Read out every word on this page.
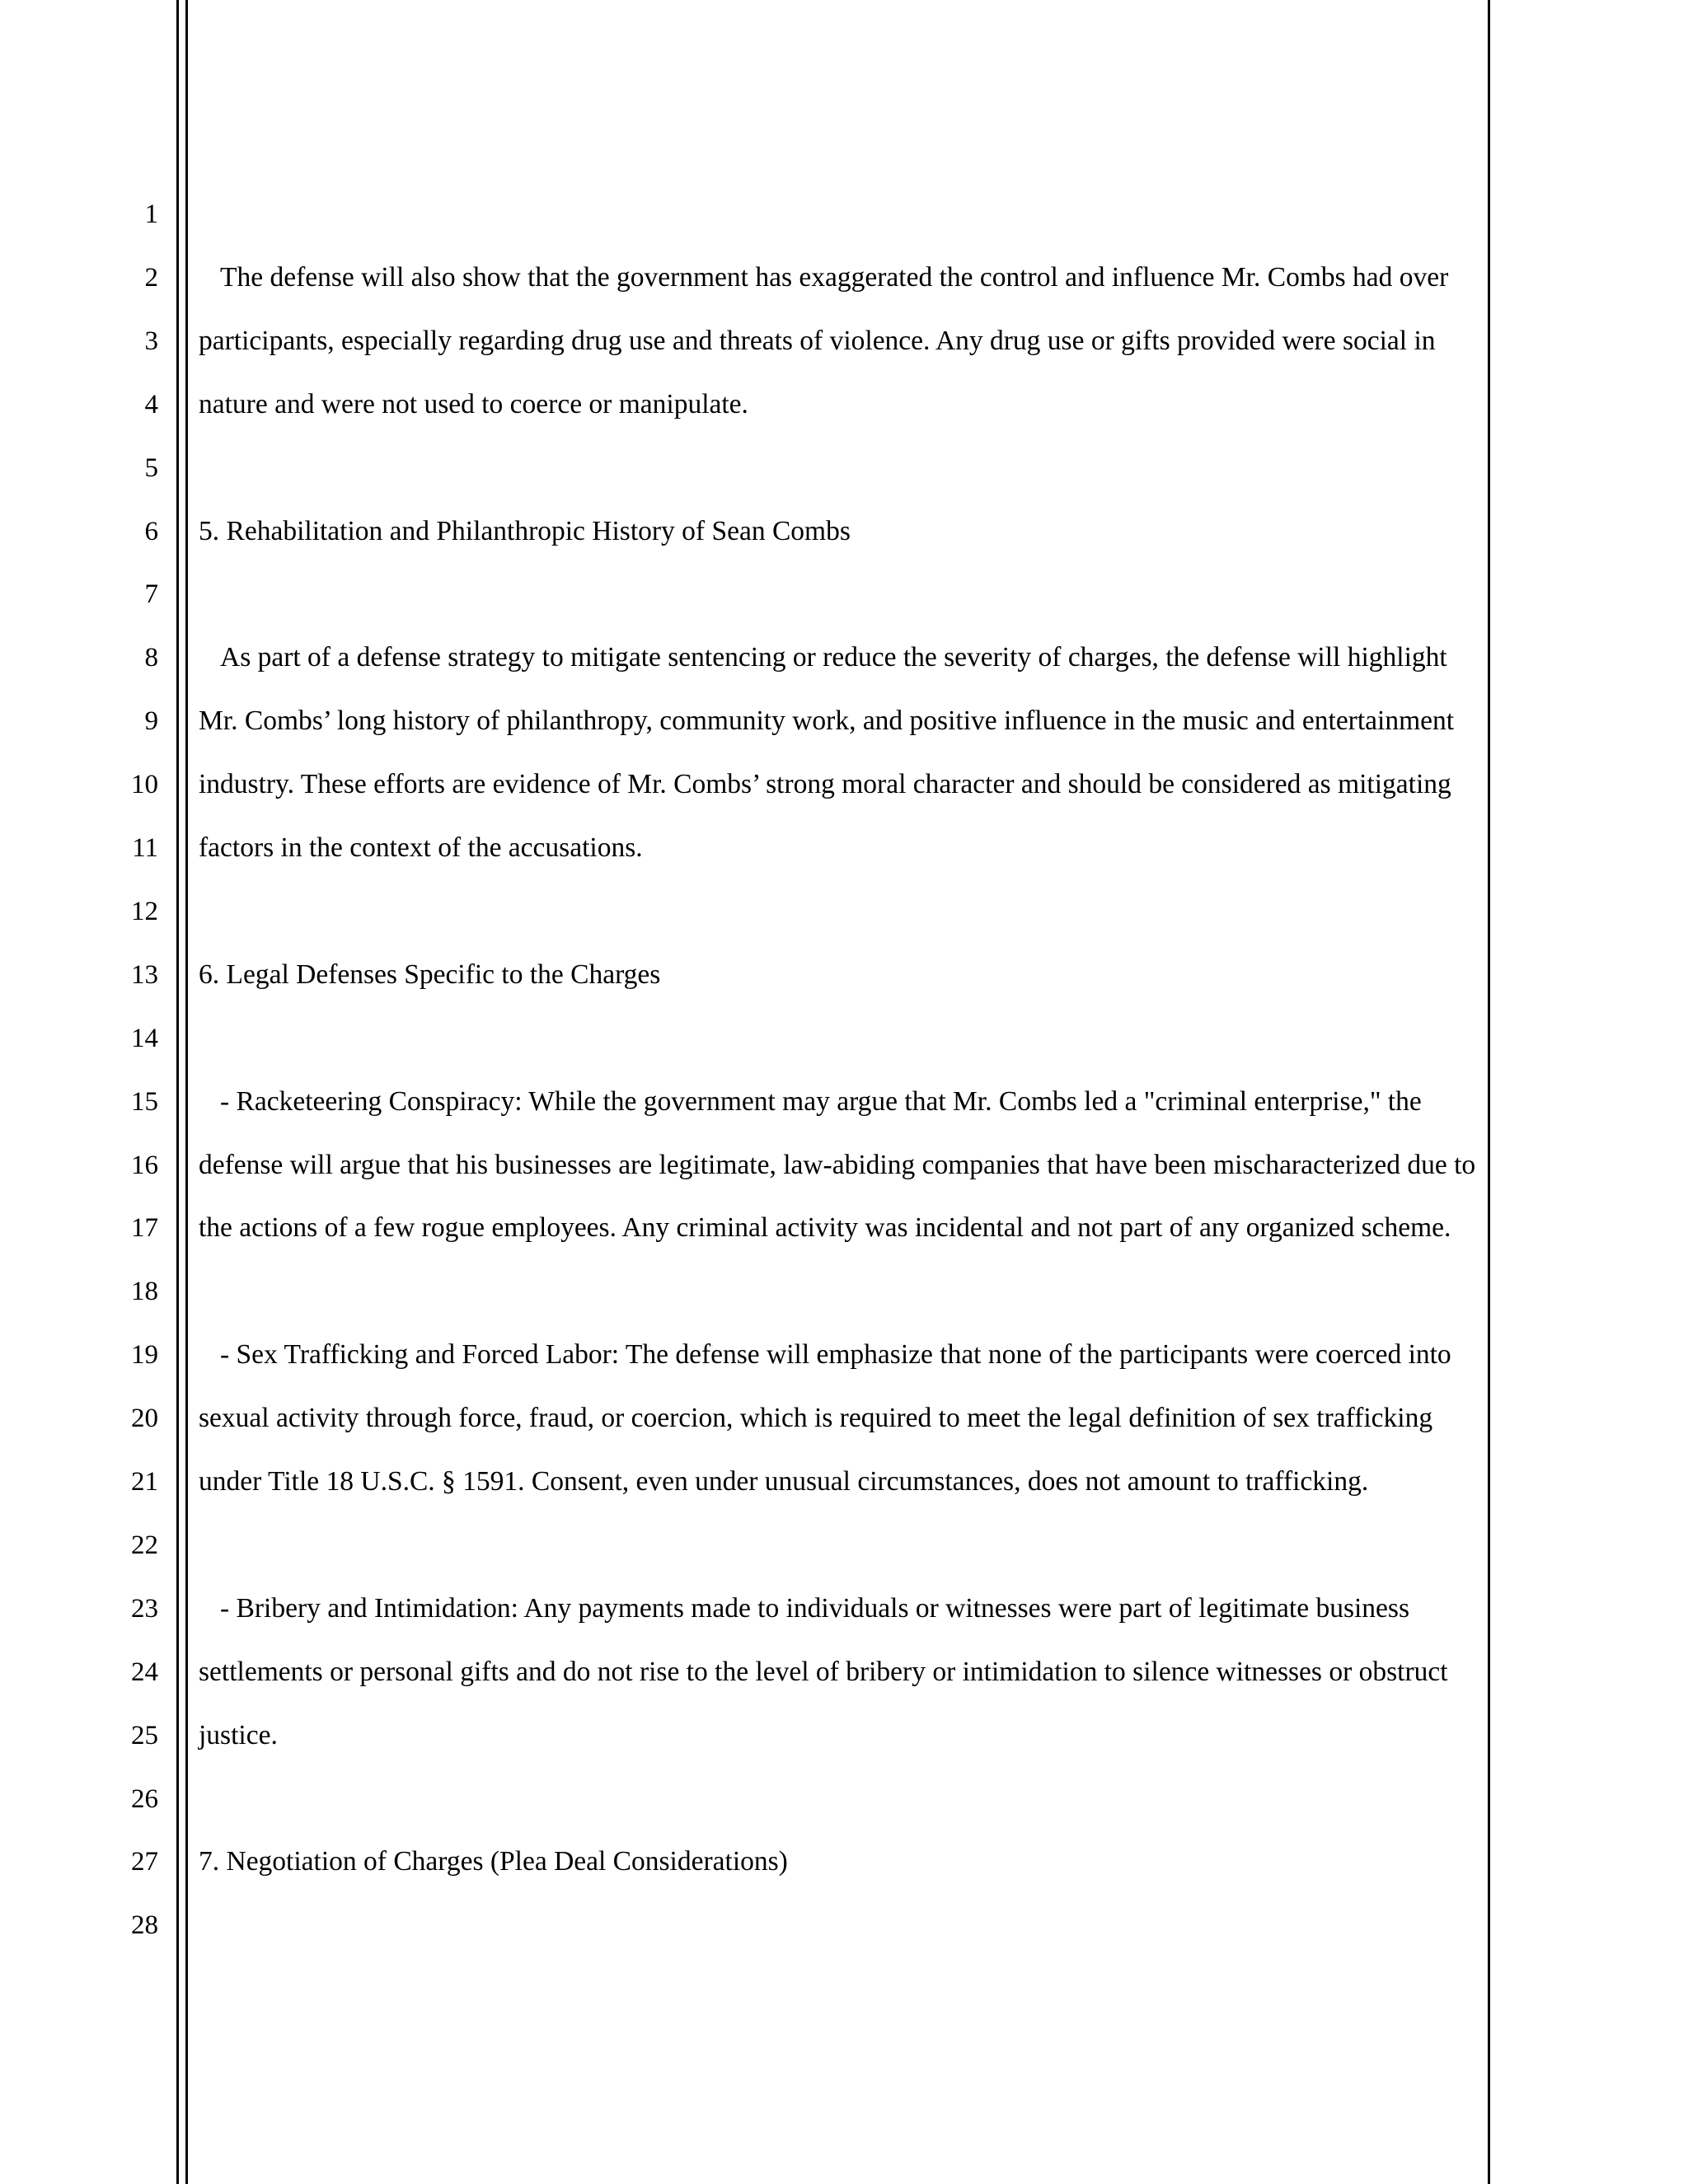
1
2
3
4
5
6
7
8
9
10
11
12
13
14
15
16
17
18
19
20
21
22
23
24
25
26
27
28
The defense will also show that the government has exaggerated the control and influence Mr. Combs had over
participants, especially regarding drug use and threats of violence. Any drug use or gifts provided were social in
nature and were not used to coerce or manipulate.
5. Rehabilitation and Philanthropic History of Sean Combs
As part of a defense strategy to mitigate sentencing or reduce the severity of charges, the defense will highlight
Mr. Combs’ long history of philanthropy, community work, and positive influence in the music and entertainment
industry. These efforts are evidence of Mr. Combs’ strong moral character and should be considered as mitigating
factors in the context of the accusations.
6. Legal Defenses Specific to the Charges
- Racketeering Conspiracy: While the government may argue that Mr. Combs led a "criminal enterprise," the
defense will argue that his businesses are legitimate, law-abiding companies that have been mischaracterized due to
the actions of a few rogue employees. Any criminal activity was incidental and not part of any organized scheme.
- Sex Trafficking and Forced Labor: The defense will emphasize that none of the participants were coerced into
sexual activity through force, fraud, or coercion, which is required to meet the legal definition of sex trafficking
under Title 18 U.S.C. § 1591. Consent, even under unusual circumstances, does not amount to trafficking.
- Bribery and Intimidation: Any payments made to individuals or witnesses were part of legitimate business
settlements or personal gifts and do not rise to the level of bribery or intimidation to silence witnesses or obstruct
justice.
7. Negotiation of Charges (Plea Deal Considerations)
